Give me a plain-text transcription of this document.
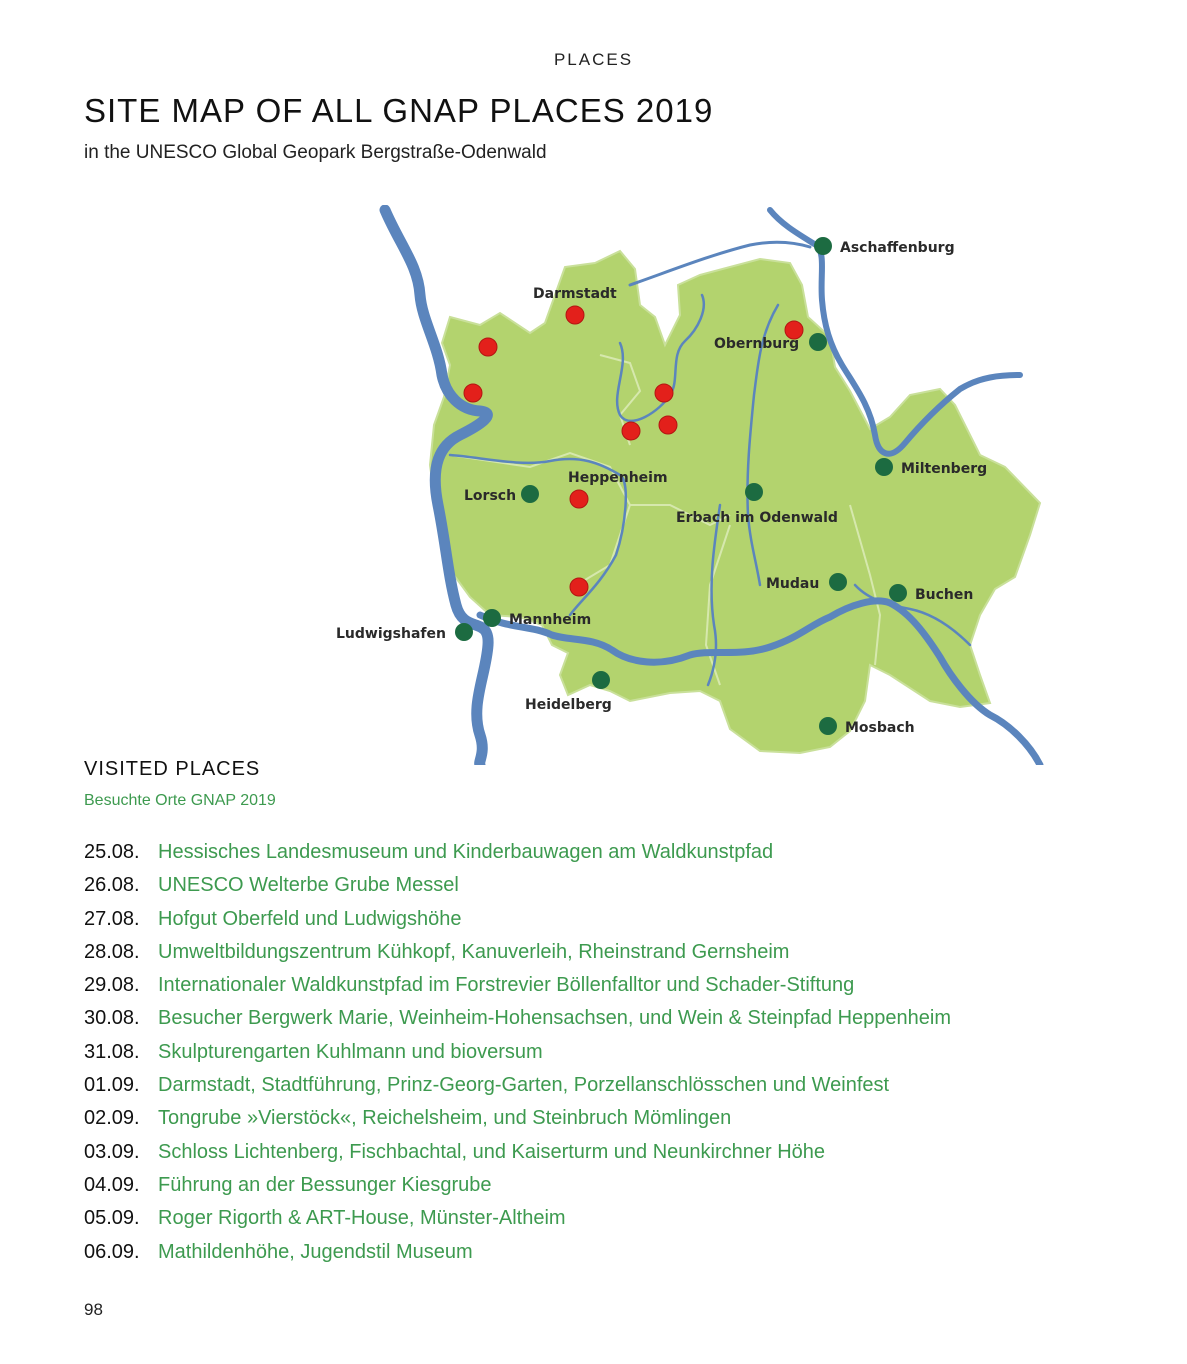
PLACES
SITE MAP OF ALL GNAP PLACES 2019
in the UNESCO Global Geopark Bergstraße-Odenwald
Aschaffenburg
Darmstadt
Obernburg
Miltenberg
Heppenheim
Lorsch
Erbach im Odenwald
Mudau
Buchen
Mannheim
Ludwigshafen
Heidelberg
Mosbach
VISITED PLACES
Besuchte Orte GNAP 2019
25.08. Hessisches Landesmuseum und Kinderbauwagen am Waldkunstpfad
26.08. UNESCO Welterbe Grube Messel
27.08. Hofgut Oberfeld und Ludwigshöhe
28.08. Umweltbildungszentrum Kühkopf, Kanuverleih, Rheinstrand Gernsheim
29.08. Internationaler Waldkunstpfad im Forstrevier Böllenfalltor und Schader-Stiftung
30.08. Besucher Bergwerk Marie, Weinheim-Hohensachsen, und Wein & Steinpfad Heppenheim
31.08. Skulpturengarten Kuhlmann und bioversum
01.09. Darmstadt, Stadtführung, Prinz-Georg-Garten, Porzellanschlösschen und Weinfest
02.09. Tongrube »Vierstöck«, Reichelsheim, und Steinbruch Mömlingen
03.09. Schloss Lichtenberg, Fischbachtal, und Kaiserturm und Neunkirchner Höhe
04.09. Führung an der Bessunger Kiesgrube
05.09. Roger Rigorth & ART-House, Münster-Altheim
06.09. Mathildenhöhe, Jugendstil Museum
98
